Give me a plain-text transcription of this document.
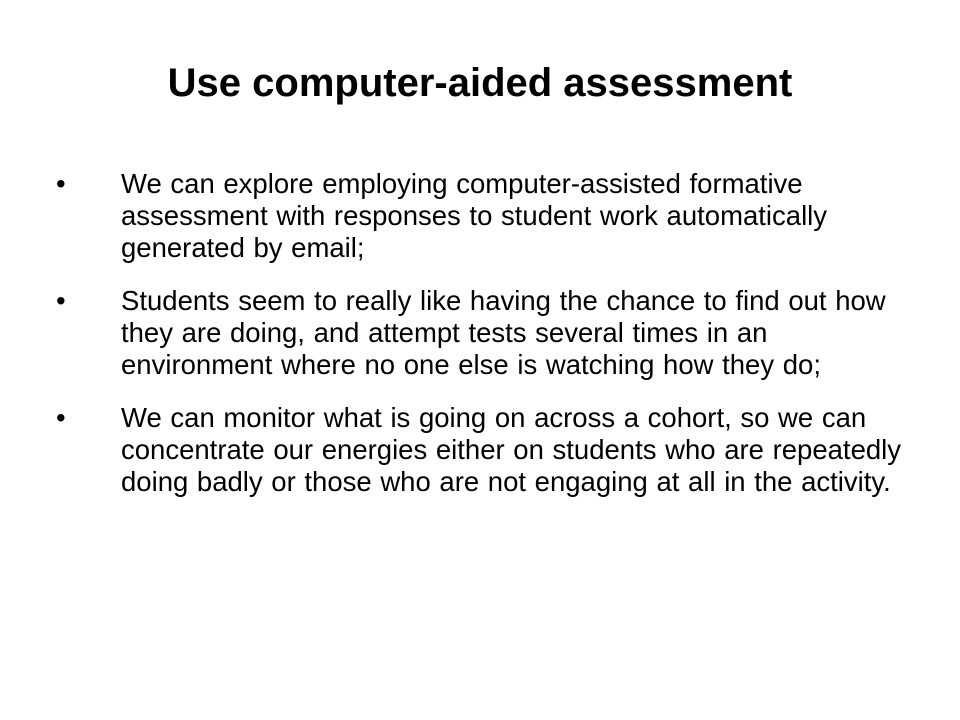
Use computer-aided assessment
• We can explore employing computer-assisted formative assessment with responses to student work automatically generated by email;
• Students seem to really like having the chance to find out how they are doing, and attempt tests several times in an environment where no one else is watching how they do;
• We can monitor what is going on across a cohort, so we can concentrate our energies either on students who are repeatedly doing badly or those who are not engaging at all in the activity.
